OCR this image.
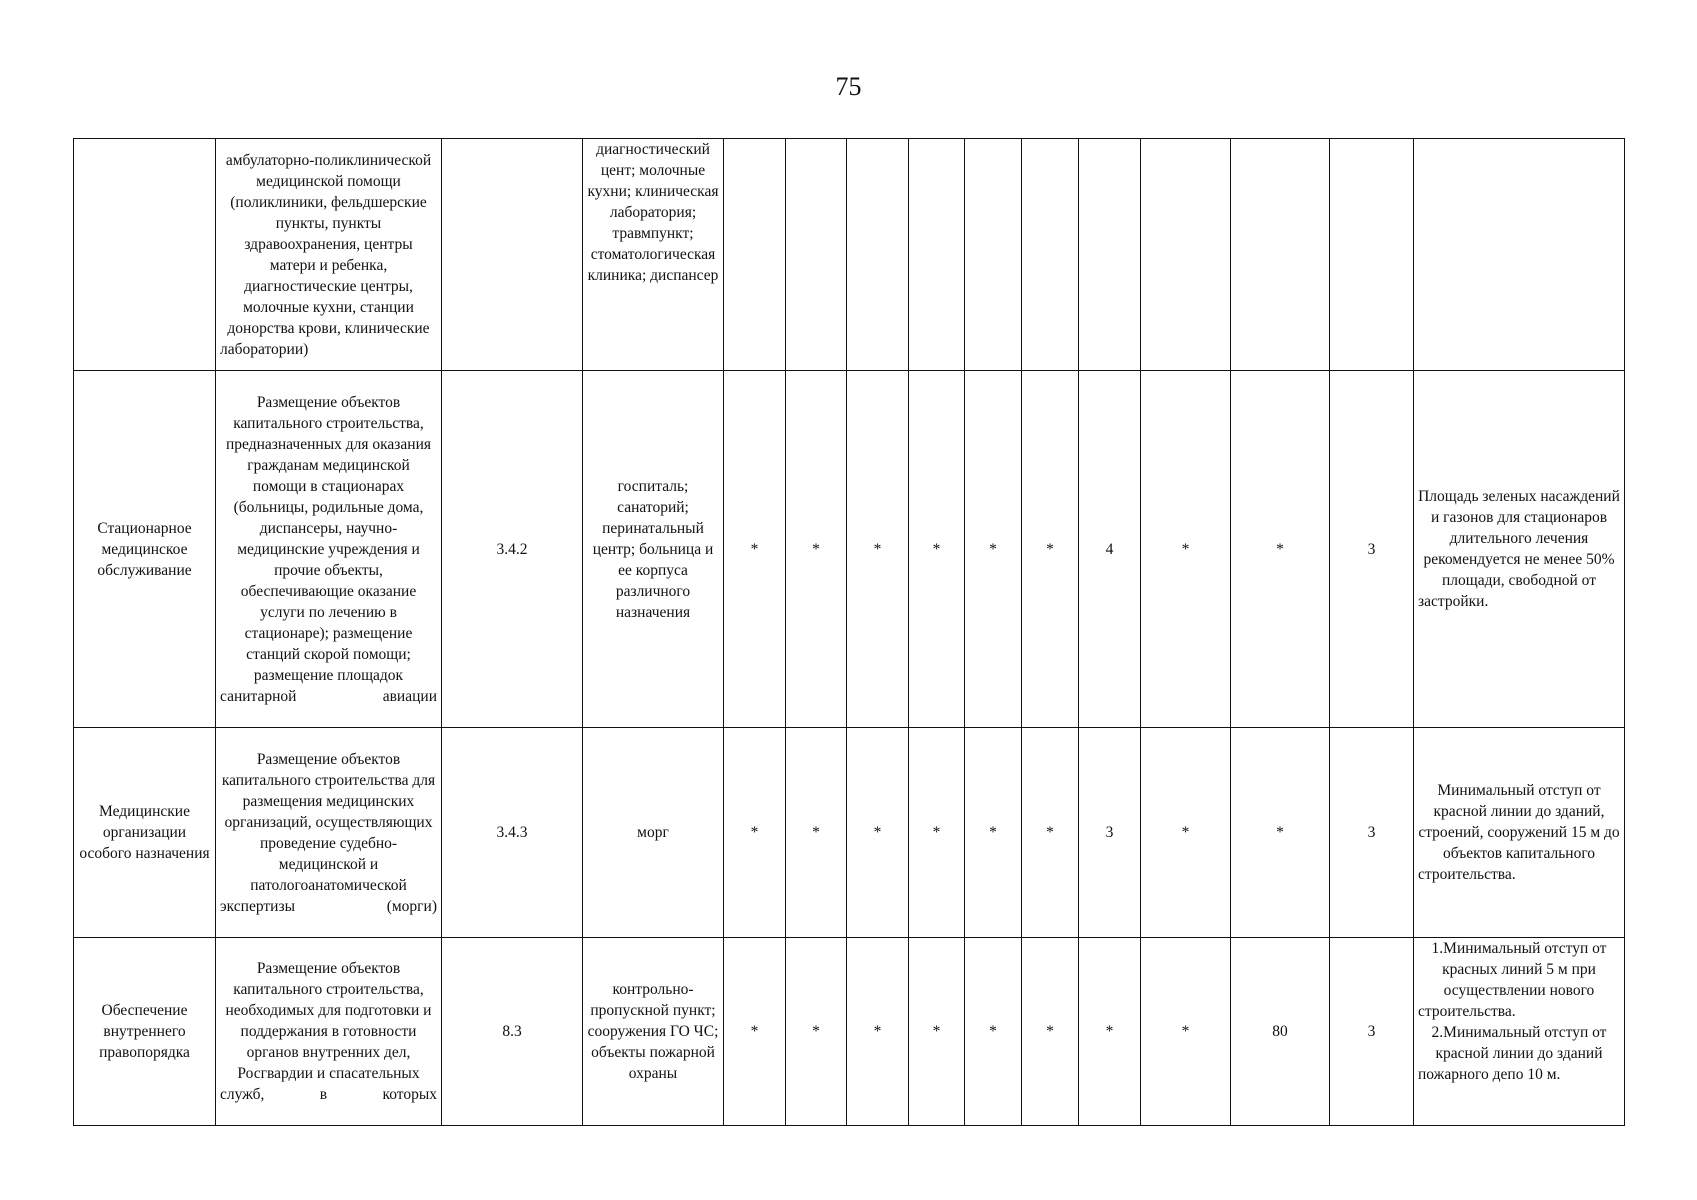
75
	амбулаторно-поликлинической медицинской помощи (поликлиники, фельдшерские пункты, пункты здравоохранения, центры матери и ребенка, диагностические центры, молочные кухни, станции донорства крови, клинические лаборатории)		диагностический цент; молочные кухни; клиническая лаборатория; травмпункт; стоматологическая клиника; диспансер											
Стационарное медицинское обслуживание	Размещение объектов капитального строительства, предназначенных для оказания гражданам медицинской помощи в стационарах (больницы, родильные дома, диспансеры, научно-медицинские учреждения и прочие объекты, обеспечивающие оказание услуги по лечению в стационаре); размещение станций скорой помощи; размещение площадок санитарной авиации	3.4.2	госпиталь; санаторий; перинатальный центр; больница и ее корпуса различного назначения	*	*	*	*	*	*	4	*	*	3	Площадь зеленых насаждений и газонов для стационаров длительного лечения рекомендуется не менее 50% площади, свободной от застройки.
Медицинские организации особого назначения	Размещение объектов капитального строительства для размещения медицинских организаций, осуществляющих проведение судебно-медицинской и патологоанатомической экспертизы (морги)	3.4.3	морг	*	*	*	*	*	*	3	*	*	3	Минимальный отступ от красной линии до зданий, строений, сооружений 15 м до объектов капитального строительства.
Обеспечение внутреннего правопорядка	Размещение объектов капитального строительства, необходимых для подготовки и поддержания в готовности органов внутренних дел, Росгвардии и спасательных служб, в которых	8.3	контрольно-пропускной пункт; сооружения ГО ЧС; объекты пожарной охраны	*	*	*	*	*	*	*	*	80	3	1.Минимальный отступ от красных линий 5 м при осуществлении нового строительства.
2.Минимальный отступ от красной линии до зданий пожарного депо 10 м.
